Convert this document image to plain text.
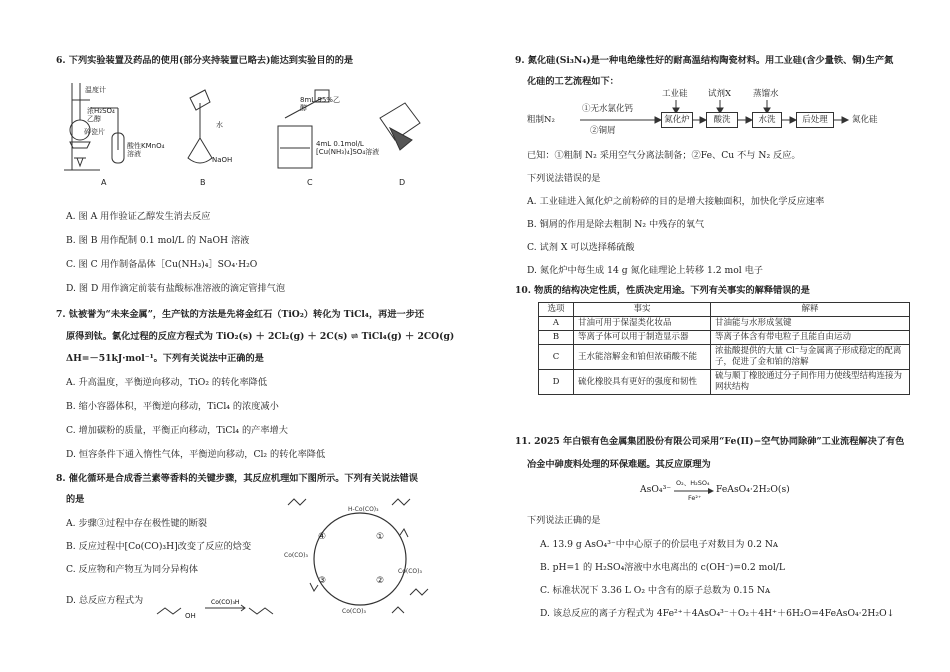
6. 下列实验装置及药品的使用(部分夹持装置已略去)能达到实验目的的是
温度计
浓H₂SO₄
乙醇
碎瓷片
酸性KMnO₄溶液
NaOH
水
8mL 95%乙醇
4mL 0.1mol/L [Cu(NH₃)₄]SO₄溶液
A	B	C	D
A. 图 A 用作验证乙醇发生消去反应
B. 图 B 用作配制 0.1 mol/L 的 NaOH 溶液
C. 图 C 用作制备晶体［Cu(NH₃)₄］SO₄·H₂O
D. 图 D 用作滴定前装有盐酸标准溶液的滴定管排气泡
7. 钛被誉为“未来金属”，生产钛的方法是先将金红石（TiO₂）转化为 TiCl₄，再进一步还
原得到钛。氯化过程的反应方程式为 TiO₂(s) ＋ 2Cl₂(g) ＋ 2C(s) ⇌ TiCl₄(g) ＋ 2CO(g)
ΔH=－51kJ·mol⁻¹。下列有关说法中正确的是
A. 升高温度，平衡逆向移动，TiO₂ 的转化率降低
B. 缩小容器体积，平衡逆向移动，TiCl₄ 的浓度减小
C. 增加碳粉的质量，平衡正向移动，TiCl₄ 的产率增大
D. 恒容条件下通入惰性气体，平衡逆向移动，Cl₂ 的转化率降低
8. 催化循环是合成香兰素等香料的关键步骤，其反应机理如下图所示。下列有关说法错误
的是
A. 步骤③过程中存在极性键的断裂
B. 反应过程中[Co(CO)₃H]改变了反应的焓变
C. 反应物和产物互为同分异构体
D. 总反应方程式为	Co(CO)₃H
OH
H-Co(CO)₃
Co(CO)₃
Co(CO)₃
Co(CO)₃
①
②
③
④
9. 氮化硅(Si₃N₄)是一种电绝缘性好的耐高温结构陶瓷材料。用工业硅(含少量铁、铜)生产氮
化硅的工艺流程如下：
粗制N₂
①无水氯化钙
②铜屑
工业硅 试剂X	蒸馏水
氮化炉	酸洗	水洗	后处理	氮化硅
已知：①粗制 N₂ 采用空气分离法制备；②Fe、Cu 不与 N₂ 反应。
下列说法错误的是
A. 工业硅进入氮化炉之前粉碎的目的是增大接触面积，加快化学反应速率
B. 铜屑的作用是除去粗制 N₂ 中残存的氧气
C. 试剂 X 可以选择稀硫酸
D. 氮化炉中每生成 14 g 氮化硅理论上转移 1.2 mol 电子
10. 物质的结构决定性质，性质决定用途。下列有关事实的解释错误的是
选项	事实	解释
A	甘油可用于保湿类化妆品	甘油能与水形成氢键
B	等离子体可以用于制造显示器	等离子体含有带电粒子且能自由运动
C	王水能溶解金和铂但浓硝酸不能	浓盐酸提供的大量 Cl⁻与金属离子形成稳定的配离子，促进了金和铂的溶解
D	硫化橡胶具有更好的强度和韧性	硫与顺丁橡胶通过分子间作用力使线型结构连接为网状结构
11. 2025 年白银有色金属集团股份有限公司采用“Fe(II)−空气协同除砷”工业流程解决了有色
冶金中砷废料处理的环保难题。其反应原理为
AsO₄³⁻
O₂、H₂SO₄
Fe²⁺
FeAsO₄·2H₂O(s)
下列说法正确的是
A. 13.9 g AsO₄³⁻中中心原子的价层电子对数目为 0.2 Nᴀ
B. pH=1 的 H₂SO₄溶液中水电离出的 c(OH⁻)=0.2 mol/L
C. 标准状况下 3.36 L O₂ 中含有的原子总数为 0.15 Nᴀ
D. 该总反应的离子方程式为 4Fe²⁺＋4AsO₄³⁻＋O₂＋4H⁺＋6H₂O=4FeAsO₄·2H₂O↓
